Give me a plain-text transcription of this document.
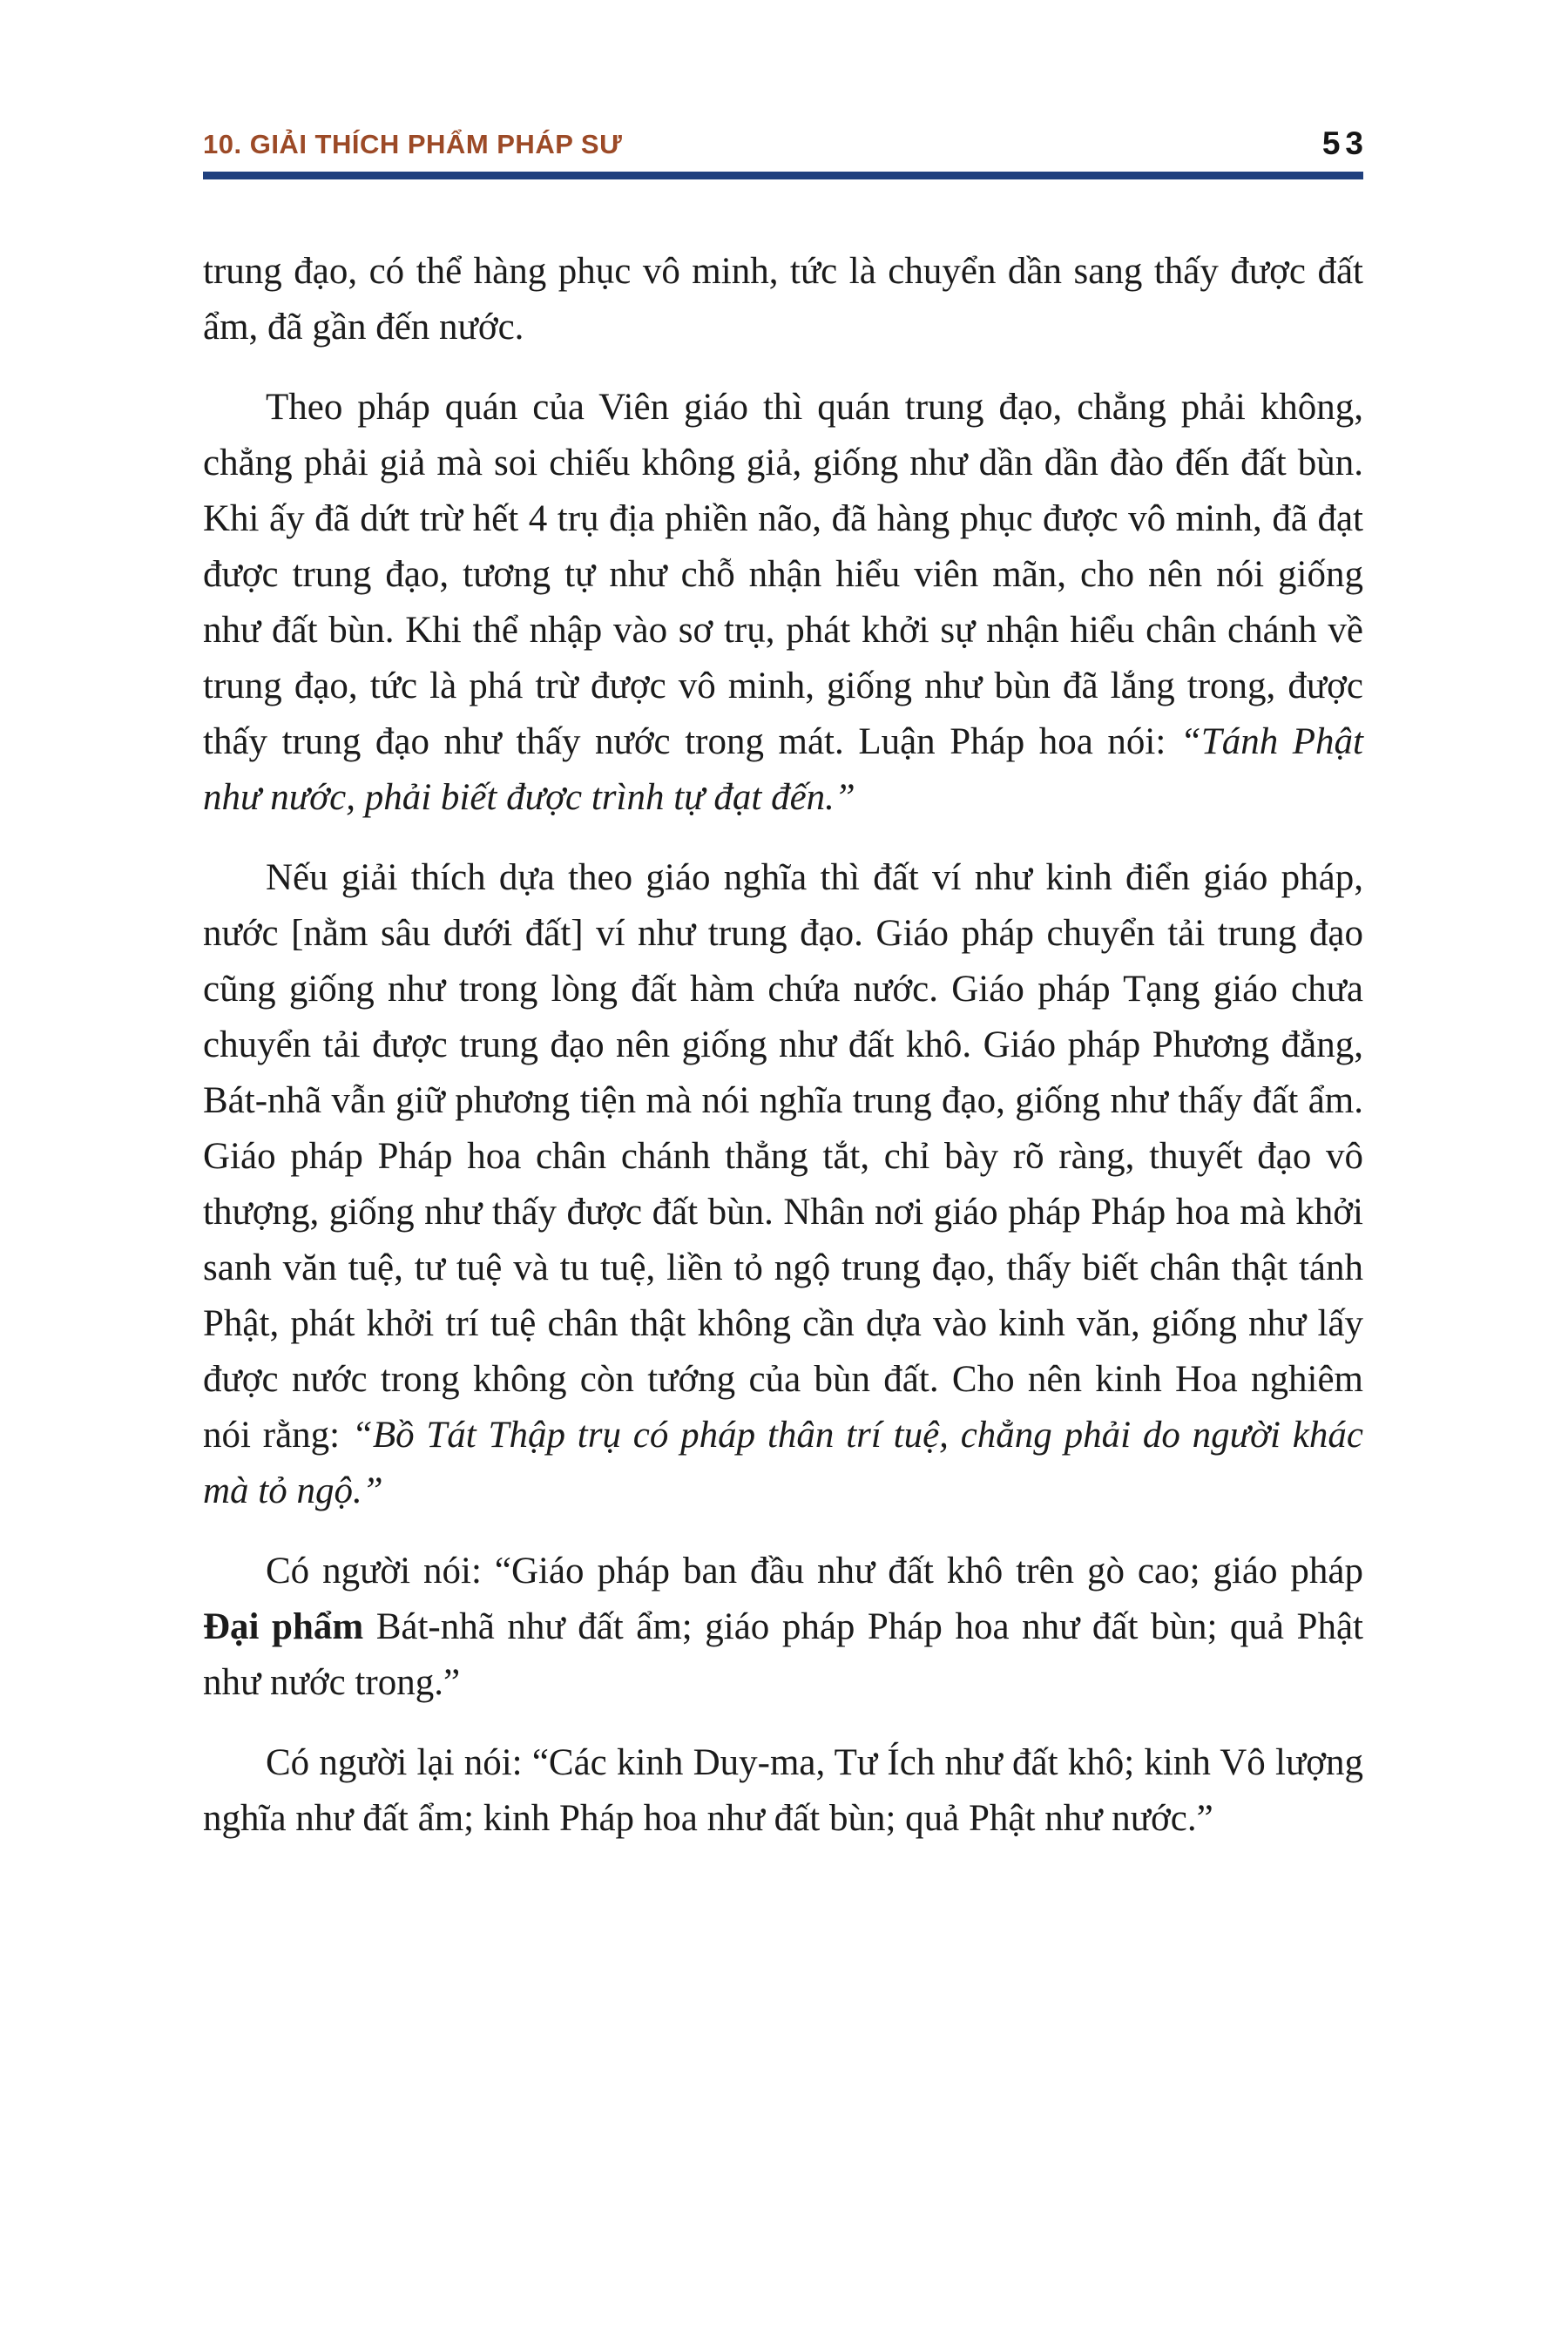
10. GIẢI THÍCH PHẨM PHÁP SƯ	53

trung đạo, có thể hàng phục vô minh, tức là chuyển dần sang thấy được đất ẩm, đã gần đến nước.

Theo pháp quán của Viên giáo thì quán trung đạo, chẳng phải không, chẳng phải giả mà soi chiếu không giả, giống như dần dần đào đến đất bùn. Khi ấy đã dứt trừ hết 4 trụ địa phiền não, đã hàng phục được vô minh, đã đạt được trung đạo, tương tự như chỗ nhận hiểu viên mãn, cho nên nói giống như đất bùn. Khi thể nhập vào sơ trụ, phát khởi sự nhận hiểu chân chánh về trung đạo, tức là phá trừ được vô minh, giống như bùn đã lắng trong, được thấy trung đạo như thấy nước trong mát. Luận Pháp hoa nói: “Tánh Phật như nước, phải biết được trình tự đạt đến.”

Nếu giải thích dựa theo giáo nghĩa thì đất ví như kinh điển giáo pháp, nước [nằm sâu dưới đất] ví như trung đạo. Giáo pháp chuyển tải trung đạo cũng giống như trong lòng đất hàm chứa nước. Giáo pháp Tạng giáo chưa chuyển tải được trung đạo nên giống như đất khô. Giáo pháp Phương đẳng, Bát-nhã vẫn giữ phương tiện mà nói nghĩa trung đạo, giống như thấy đất ẩm. Giáo pháp Pháp hoa chân chánh thẳng tắt, chỉ bày rõ ràng, thuyết đạo vô thượng, giống như thấy được đất bùn. Nhân nơi giáo pháp Pháp hoa mà khởi sanh văn tuệ, tư tuệ và tu tuệ, liền tỏ ngộ trung đạo, thấy biết chân thật tánh Phật, phát khởi trí tuệ chân thật không cần dựa vào kinh văn, giống như lấy được nước trong không còn tướng của bùn đất. Cho nên kinh Hoa nghiêm nói rằng: “Bồ Tát Thập trụ có pháp thân trí tuệ, chẳng phải do người khác mà tỏ ngộ.”

Có người nói: “Giáo pháp ban đầu như đất khô trên gò cao; giáo pháp Đại phẩm Bát-nhã như đất ẩm; giáo pháp Pháp hoa như đất bùn; quả Phật như nước trong.”

Có người lại nói: “Các kinh Duy-ma, Tư Ích như đất khô; kinh Vô lượng nghĩa như đất ẩm; kinh Pháp hoa như đất bùn; quả Phật như nước.”
